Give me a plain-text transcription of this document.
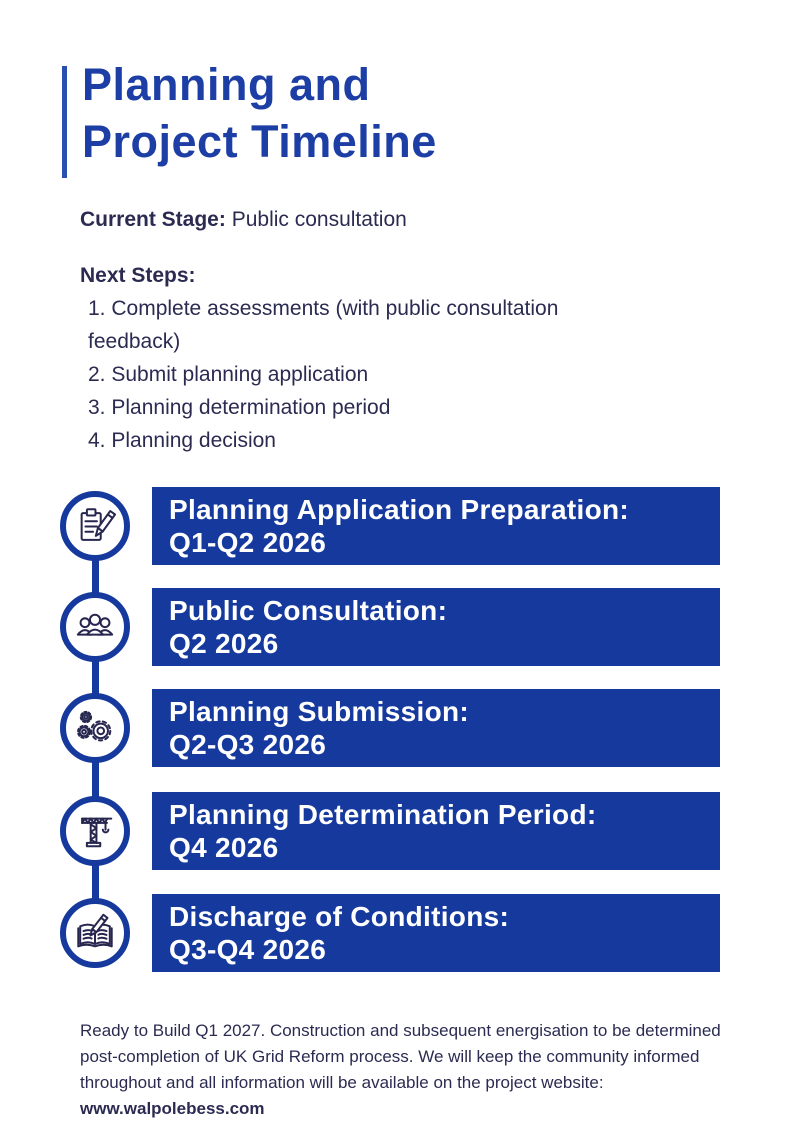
Planning and
Project Timeline
Current Stage: Public consultation
Next Steps:
1. Complete assessments (with public consultation feedback)
2. Submit planning application
3. Planning determination period
4. Planning decision
Planning Application Preparation:
Q1-Q2 2026
Public Consultation:
Q2 2026
Planning Submission:
Q2-Q3 2026
Planning Determination Period:
Q4 2026
Discharge of Conditions:
Q3-Q4 2026
Ready to Build Q1 2027. Construction and subsequent energisation to be determined post-completion of UK Grid Reform process. We will keep the community informed throughout and all information will be available on the project website: www.walpolebess.com
